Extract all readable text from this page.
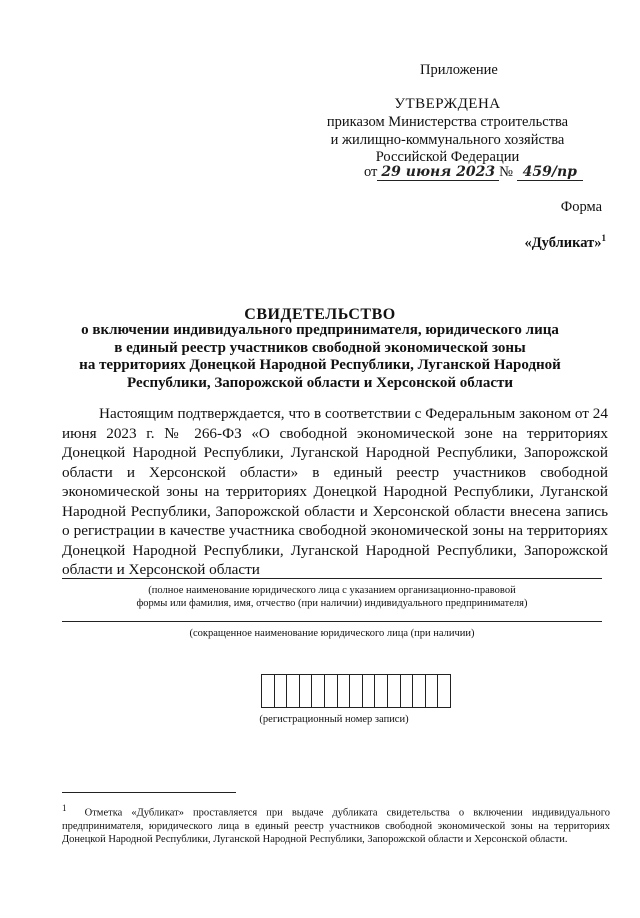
Приложение
УТВЕРЖДЕНА
приказом Министерства строительства
и жилищно-коммунального хозяйства
Российской Федерации
от 29 июня 2023 № 459/пр
Форма
«Дубликат»$^1$
СВИДЕТЕЛЬСТВО
о включении индивидуального предпринимателя, юридического лица
в единый реестр участников свободной экономической зоны
на территориях Донецкой Народной Республики, Луганской Народной
Республики, Запорожской области и Херсонской области

Настоящим подтверждается, что в соответствии с Федеральным законом от 24 июня 2023 г. № 266-ФЗ «О свободной экономической зоне на территориях Донецкой Народной Республики, Луганской Народной Республики, Запорожской области и Херсонской области» в единый реестр участников свободной экономической зоны на территориях Донецкой Народной Республики, Луганской Народной Республики, Запорожской области и Херсонской области внесена запись о регистрации в качестве участника свободной экономической зоны на территориях Донецкой Народной Республики, Луганской Народной Республики, Запорожской области и Херсонской области

(полное наименование юридического лица с указанием организационно-правовой
формы или фамилия, имя, отчество (при наличии) индивидуального предпринимателя)
(сокращенное наименование юридического лица (при наличии)
(регистрационный номер записи)

$^1$ Отметка «Дубликат» проставляется при выдаче дубликата свидетельства о включении индивидуального предпринимателя, юридического лица в единый реестр участников свободной экономической зоны на территориях Донецкой Народной Республики, Луганской Народной Республики, Запорожской области и Херсонской области.
